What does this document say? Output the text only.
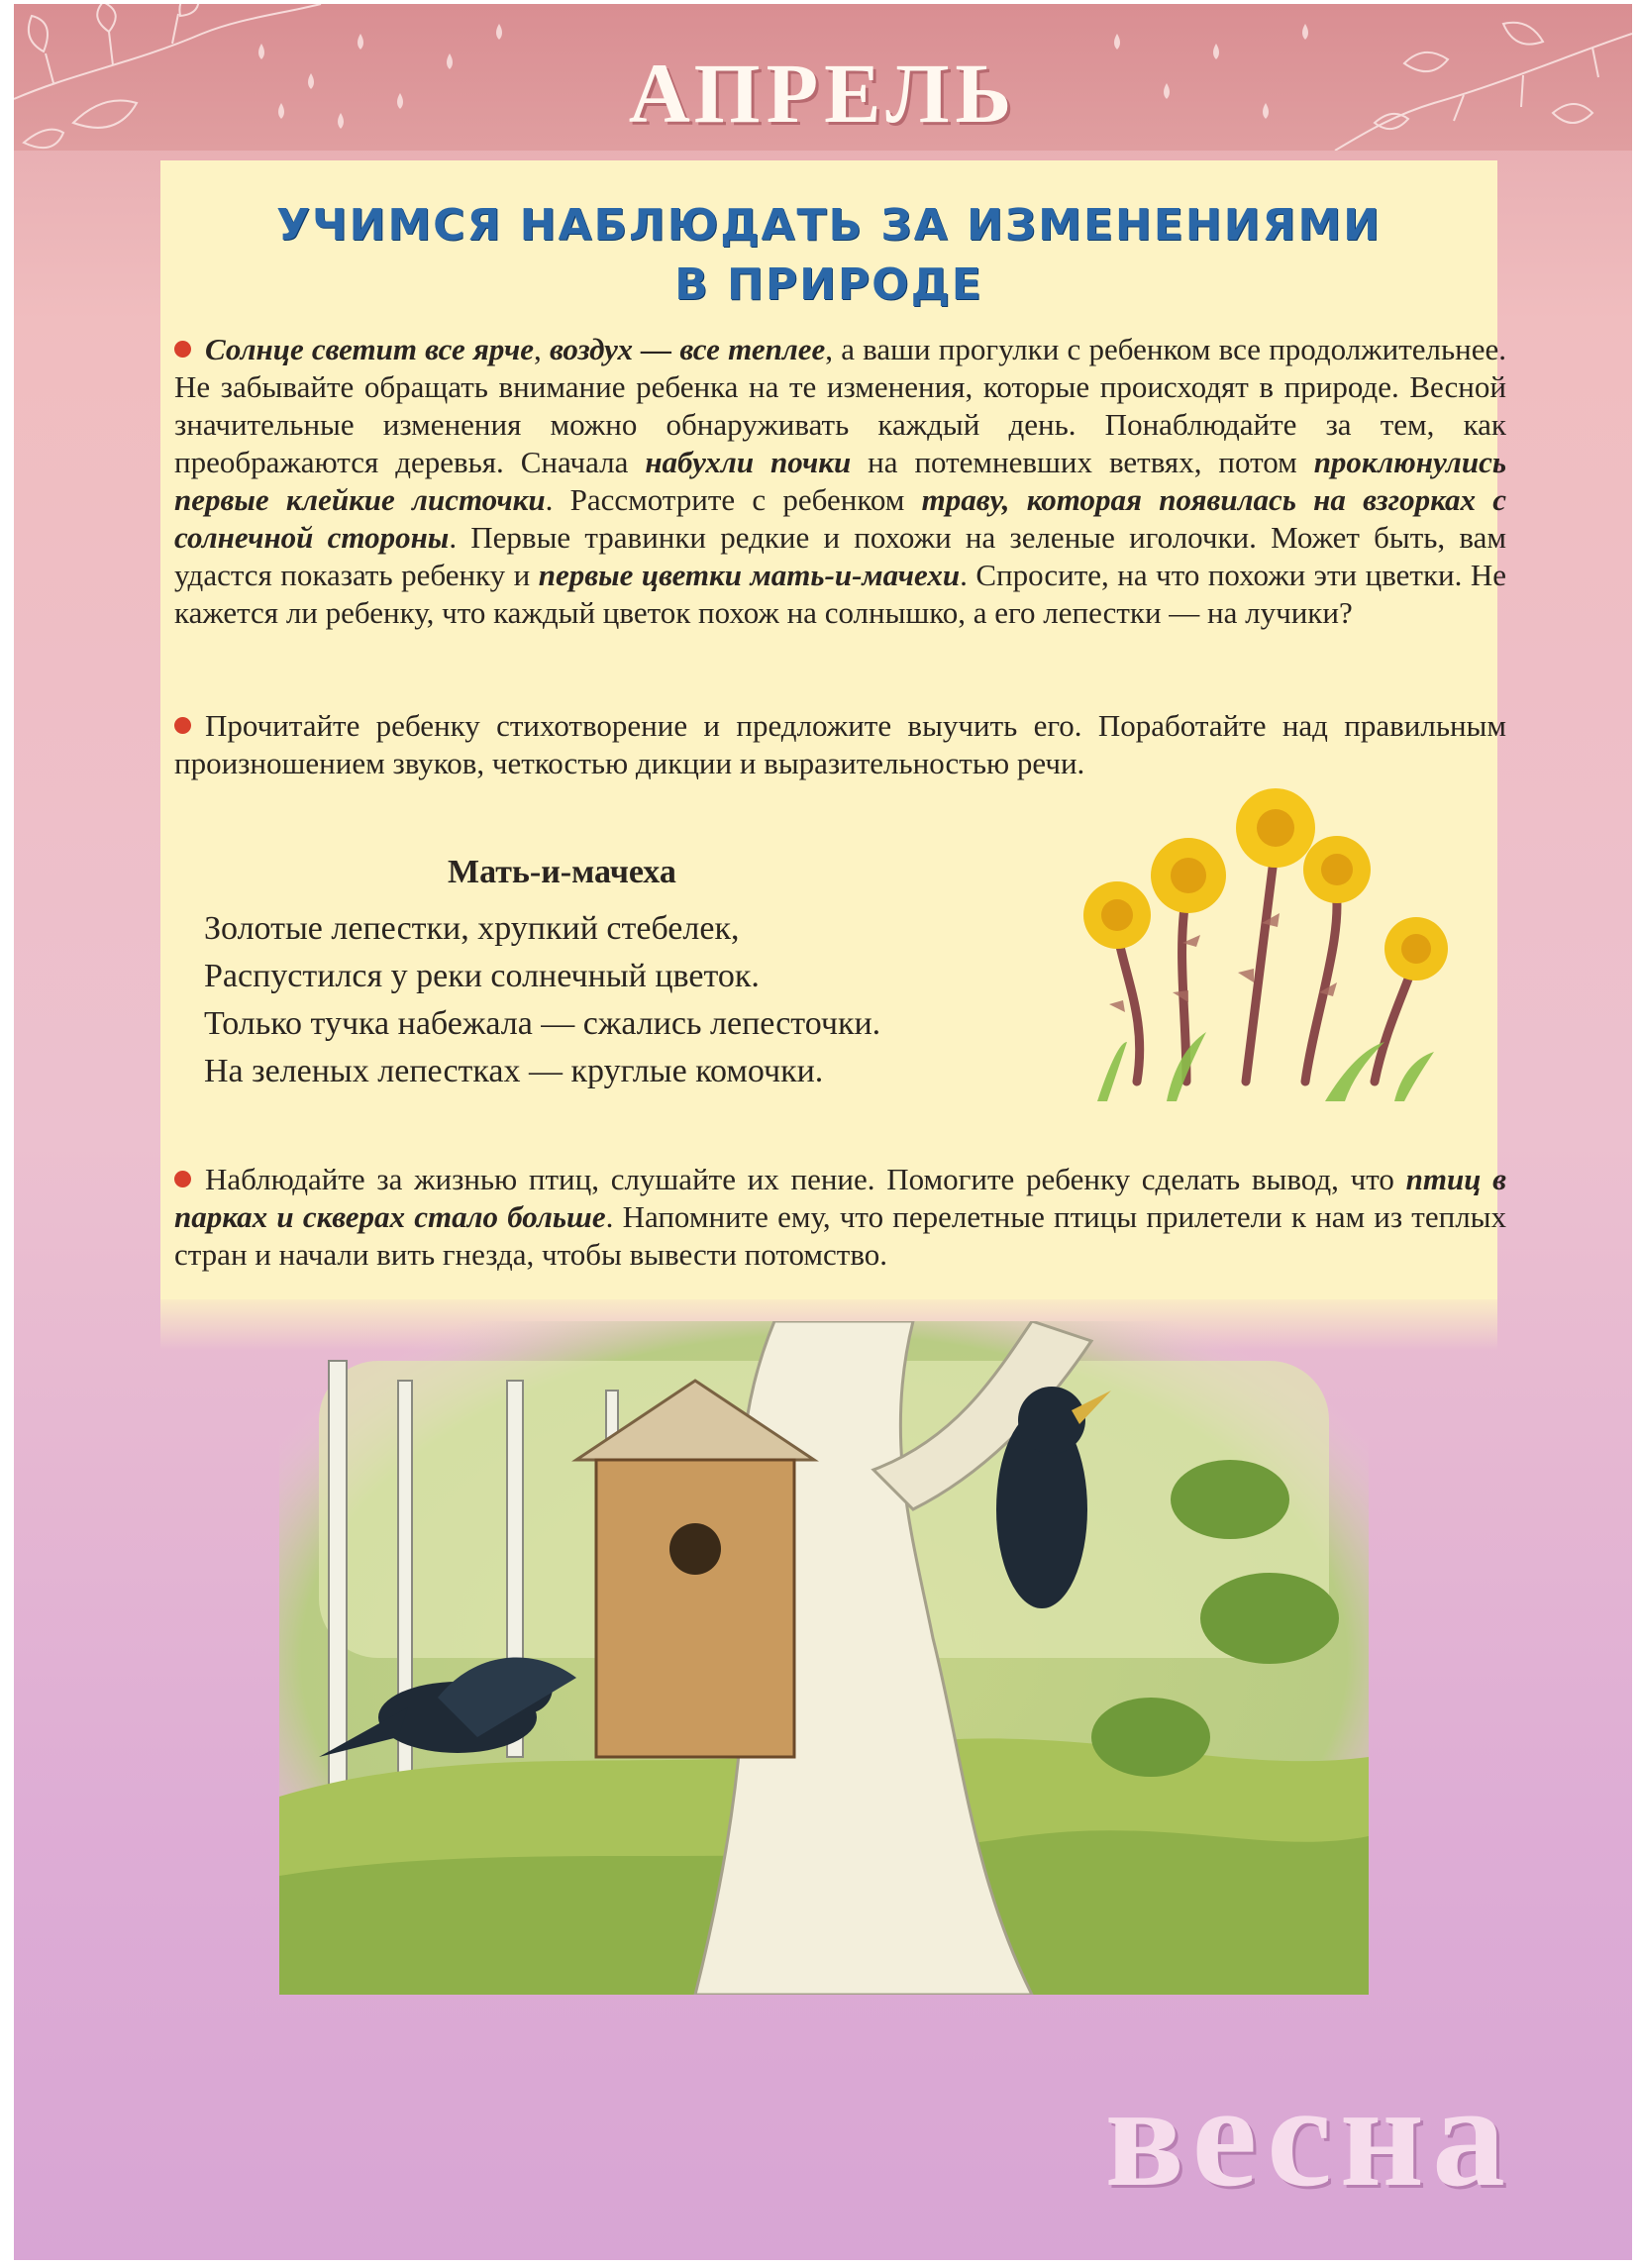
АПРЕЛЬ
УЧИМСЯ НАБЛЮДАТЬ ЗА ИЗМЕНЕНИЯМИ
В ПРИРОДЕ

Солнце светит все ярче, воздух — все теплее, а ваши прогулки с ребенком все продолжительнее. Не забывайте обращать внимание ребенка на те изменения, которые происходят в природе. Весной значительные изменения можно обнаруживать каждый день. Понаблюдайте за тем, как преображаются деревья. Сначала набухли почки на потемневших ветвях, потом проклюнулись первые клейкие листочки. Рассмотрите с ребенком траву, которая появилась на взгорках с солнечной стороны. Первые травинки редкие и похожи на зеленые иголочки. Может быть, вам удастся показать ребенку и первые цветки мать-и-мачехи. Спросите, на что похожи эти цветки. Не кажется ли ребенку, что каждый цветок похож на солнышко, а его лепестки — на лучики?

Прочитайте ребенку стихотворение и предложите выучить его. Поработайте над правильным произношением звуков, четкостью дикции и выразительностью речи.

Мать-и-мачеха
Золотые лепестки, хрупкий стебелек,
Распустился у реки солнечный цветок.
Только тучка набежала — сжались лепесточки.
На зеленых лепестках — круглые комочки.

Наблюдайте за жизнью птиц, слушайте их пение. Помогите ребенку сделать вывод, что птиц в парках и скверах стало больше. Напомните ему, что перелетные птицы прилетели к нам из теплых стран и начали вить гнезда, чтобы вывести потомство.

весна
